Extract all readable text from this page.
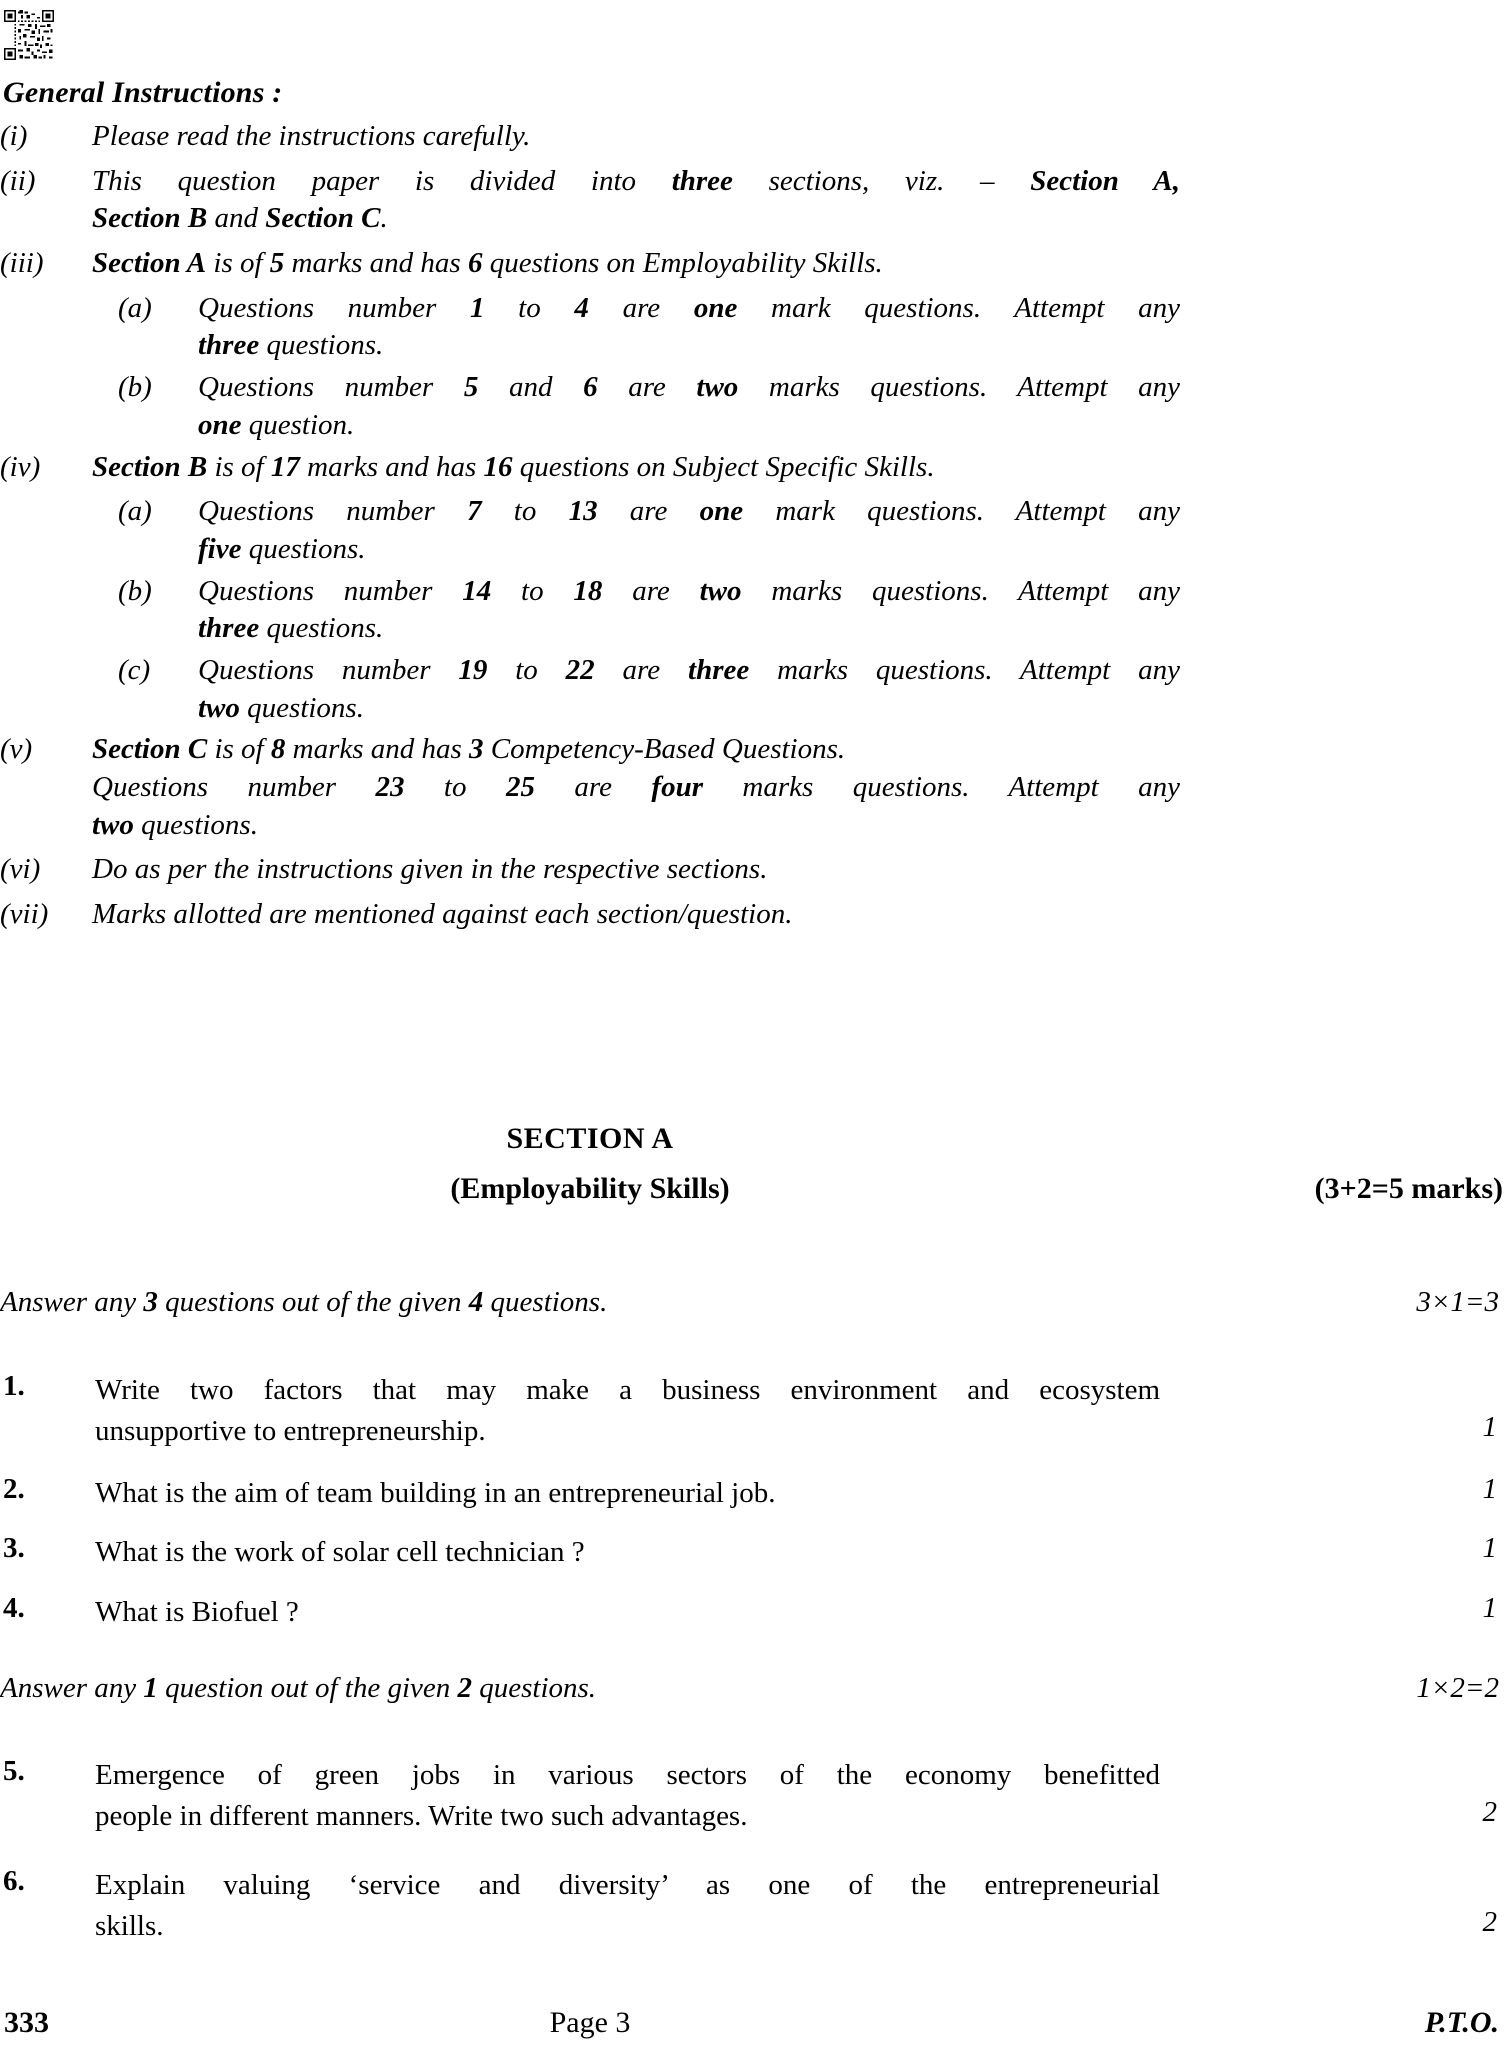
General Instructions :
(i)	Please read the instructions carefully.
(ii)	This question paper is divided into three sections, viz. – Section A,
Section B and Section C.
(iii)	Section A is of 5 marks and has 6 questions on Employability Skills.
(a)	Questions number 1 to 4 are one mark questions. Attempt any
three questions.
(b)	Questions number 5 and 6 are two marks questions. Attempt any
one question.
(iv)	Section B is of 17 marks and has 16 questions on Subject Specific Skills.
(a)	Questions number 7 to 13 are one mark questions. Attempt any
five questions.
(b)	Questions number 14 to 18 are two marks questions. Attempt any
three questions.
(c)	Questions number 19 to 22 are three marks questions. Attempt any
two questions.
(v)	Section C is of 8 marks and has 3 Competency-Based Questions.
Questions number 23 to 25 are four marks questions. Attempt any
two questions.
(vi)	Do as per the instructions given in the respective sections.
(vii)	Marks allotted are mentioned against each section/question.
SECTION A
(Employability Skills)	(3+2=5 marks)
Answer any 3 questions out of the given 4 questions.	3×1=3
1. Write two factors that may make a business environment and ecosystem
unsupportive to entrepreneurship.	1
2. What is the aim of team building in an entrepreneurial job.	1
3. What is the work of solar cell technician ?	1
4. What is Biofuel ?	1
Answer any 1 question out of the given 2 questions.	1×2=2
5. Emergence of green jobs in various sectors of the economy benefitted
people in different manners. Write two such advantages.	2
6. Explain valuing ‘service and diversity’ as one of the entrepreneurial
skills.	2
333	Page 3	P.T.O.
